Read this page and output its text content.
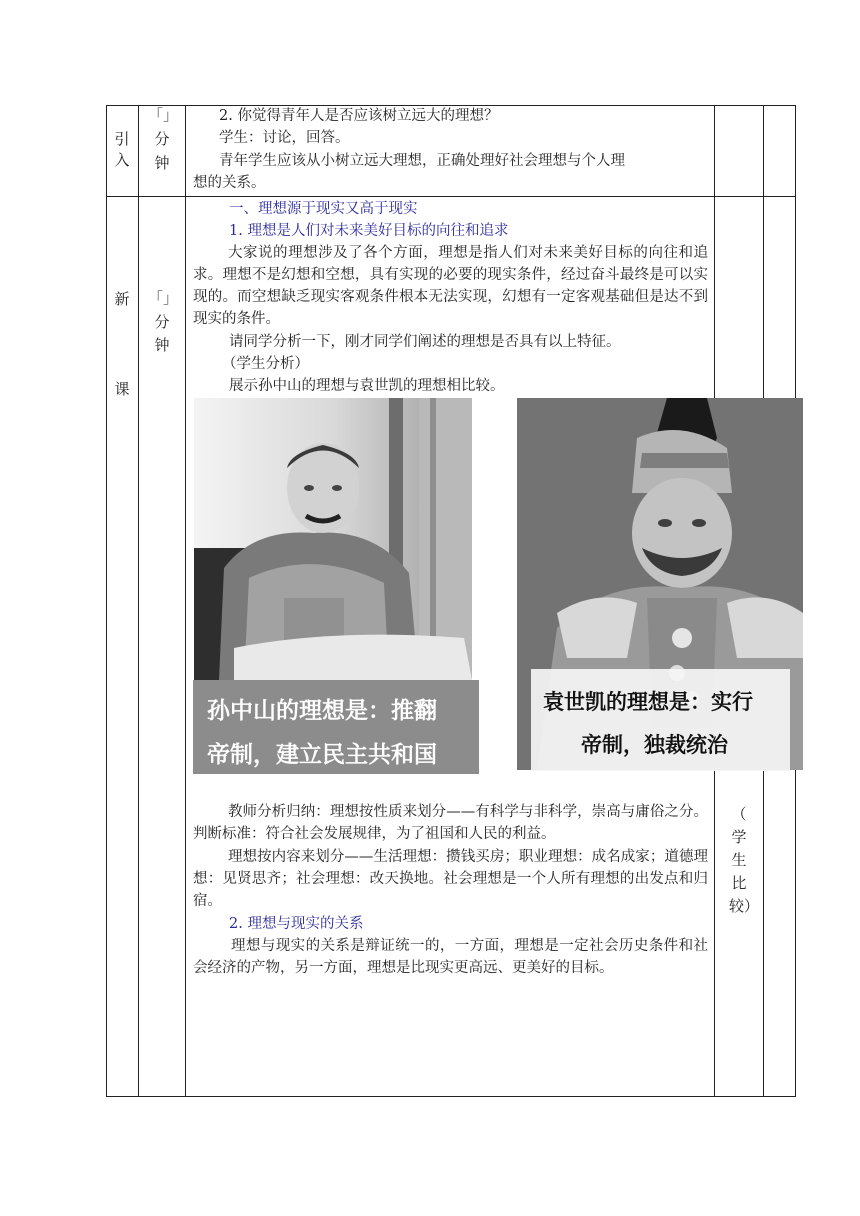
引入
「」
分
钟
2. 你觉得青年人是否应该树立远大的理想？
学生：讨论，回答。
青年学生应该从小树立远大理想，正确处理好社会理想与个人理
想的关系。
新
课
「」
分
钟
一、理想源于现实又高于现实
1. 理想是人们对未来美好目标的向往和追求
大家说的理想涉及了各个方面，理想是指人们对未来美好目标的向往和追求。理想不是幻想和空想，具有实现的必要的现实条件，经过奋斗最终是可以实现的。而空想缺乏现实客观条件根本无法实现，幻想有一定客观基础但是达不到现实的条件。
请同学分析一下，刚才同学们阐述的理想是否具有以上特征。
（学生分析）
展示孙中山的理想与袁世凯的理想相比较。
孙中山的理想是：推翻
帝制，建立民主共和国
袁世凯的理想是：实行
帝制，独裁统治
教师分析归纳：理想按性质来划分——有科学与非科学，崇高与庸俗之分。判断标准：符合社会发展规律，为了祖国和人民的利益。
理想按内容来划分——生活理想：攒钱买房；职业理想：成名成家；道德理想：见贤思齐；社会理想：改天换地。社会理想是一个人所有理想的出发点和归宿。
2. 理想与现实的关系
理想与现实的关系是辩证统一的，一方面，理想是一定社会历史条件和社会经济的产物，另一方面，理想是比现实更高远、更美好的目标。
（
学
生
比
较）
